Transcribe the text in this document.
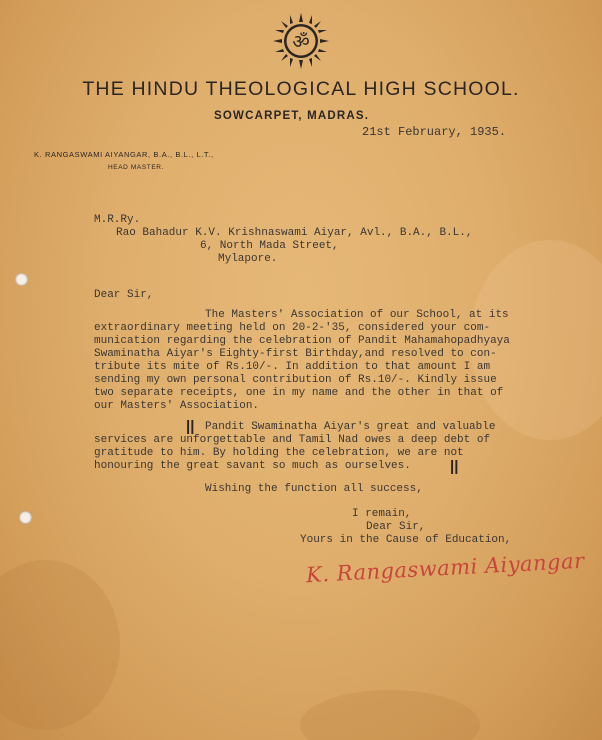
ॐ
THE HINDU THEOLOGICAL HIGH SCHOOL.
SOWCARPET, MADRAS.
21st February, 1935.
K. RANGASWAMI AIYANGAR, B.A., B.L., L.T.,
HEAD MASTER.
M.R.Ry.
Rao Bahadur K.V. Krishnaswami Aiyar, Avl., B.A., B.L.,
6, North Mada Street,
Mylapore.
Dear Sir,
The Masters' Association of our School, at its
extraordinary meeting held on 20-2-'35, considered your com-
munication regarding the celebration of Pandit Mahamahopadhyaya
Swaminatha Aiyar's Eighty-first Birthday,and resolved to con-
tribute its mite of Rs.10/-. In addition to that amount I am
sending my own personal contribution of Rs.10/-. Kindly issue
two separate receipts, one in my name and the other in that of
our Masters' Association.
|| Pandit Swaminatha Aiyar's great and valuable
services are unforgettable and Tamil Nad owes a deep debt of
gratitude to him. By holding the celebration, we are not
honouring the great savant so much as ourselves.	||
Wishing the function all success,
I remain,
Dear Sir,
Yours in the Cause of Education,
K. Rangaswami Aiyangar
